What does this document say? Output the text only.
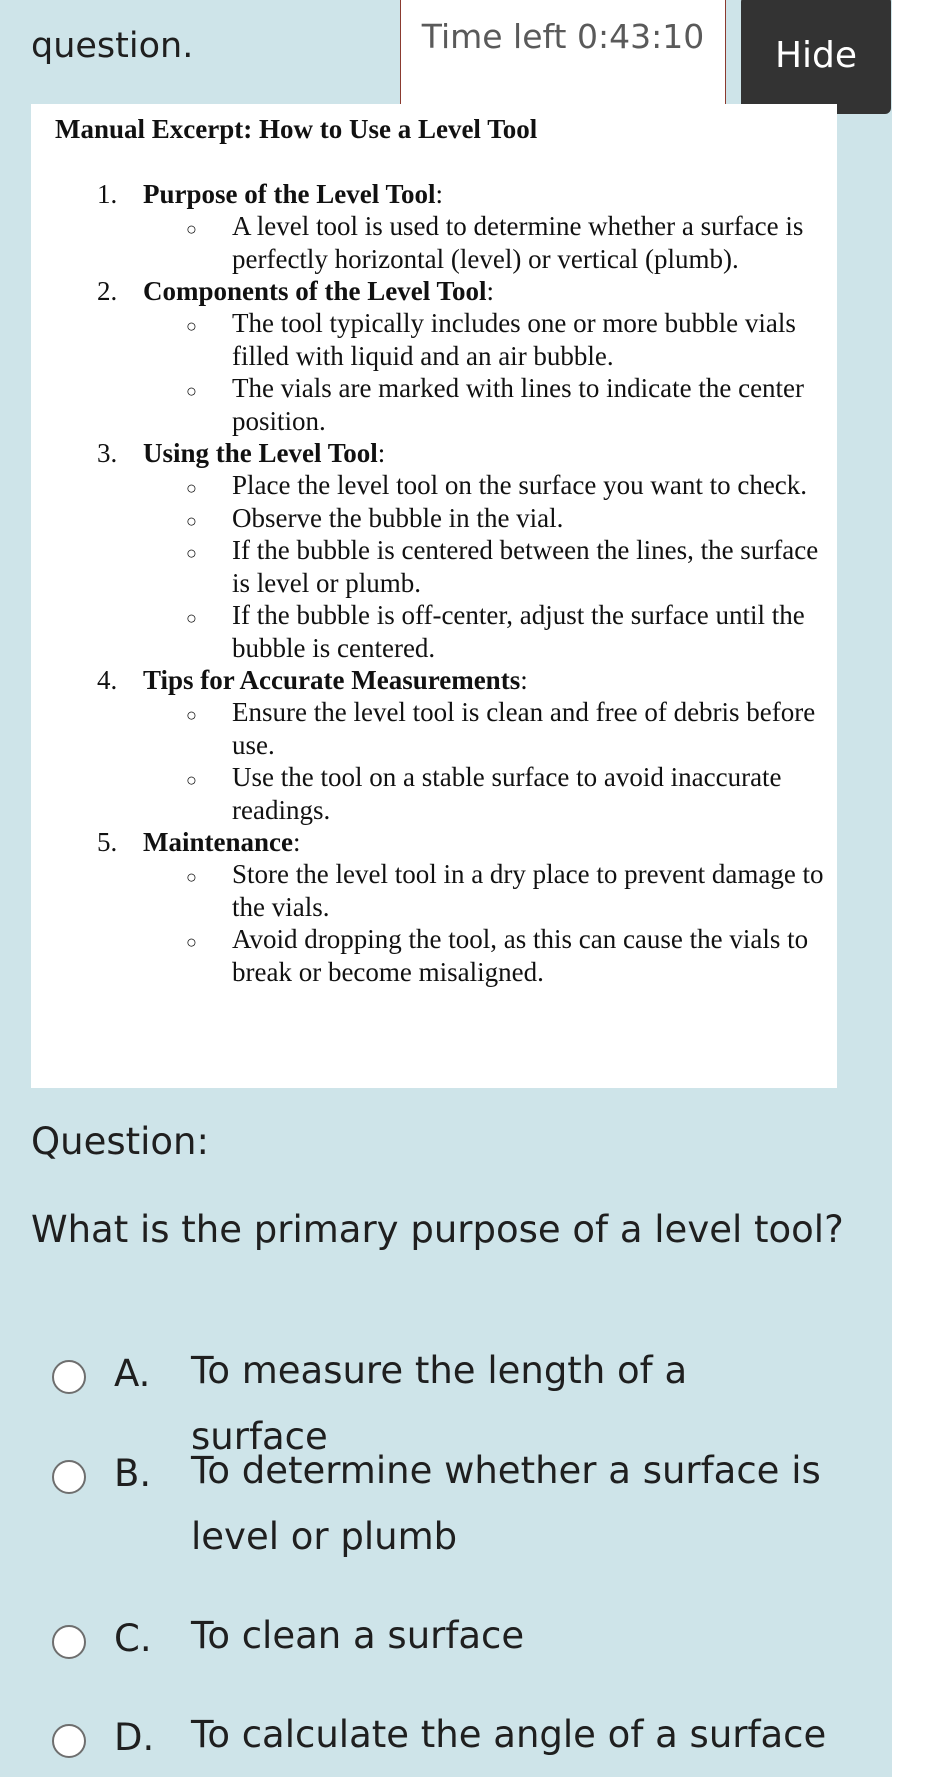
question.	Time left 0:43:10	Hide
Manual Excerpt: How to Use a Level Tool
1. Purpose of the Level Tool:
○ A level tool is used to determine whether a surface is perfectly horizontal (level) or vertical (plumb).
2. Components of the Level Tool:
○ The tool typically includes one or more bubble vials filled with liquid and an air bubble.
○ The vials are marked with lines to indicate the center position.
3. Using the Level Tool:
○ Place the level tool on the surface you want to check.
○ Observe the bubble in the vial.
○ If the bubble is centered between the lines, the surface is level or plumb.
○ If the bubble is off-center, adjust the surface until the bubble is centered.
4. Tips for Accurate Measurements:
○ Ensure the level tool is clean and free of debris before use.
○ Use the tool on a stable surface to avoid inaccurate readings.
5. Maintenance:
○ Store the level tool in a dry place to prevent damage to the vials.
○ Avoid dropping the tool, as this can cause the vials to break or become misaligned.
Question:
What is the primary purpose of a level tool?
A. To measure the length of a surface
B. To determine whether a surface is level or plumb
C. To clean a surface
D. To calculate the angle of a surface
